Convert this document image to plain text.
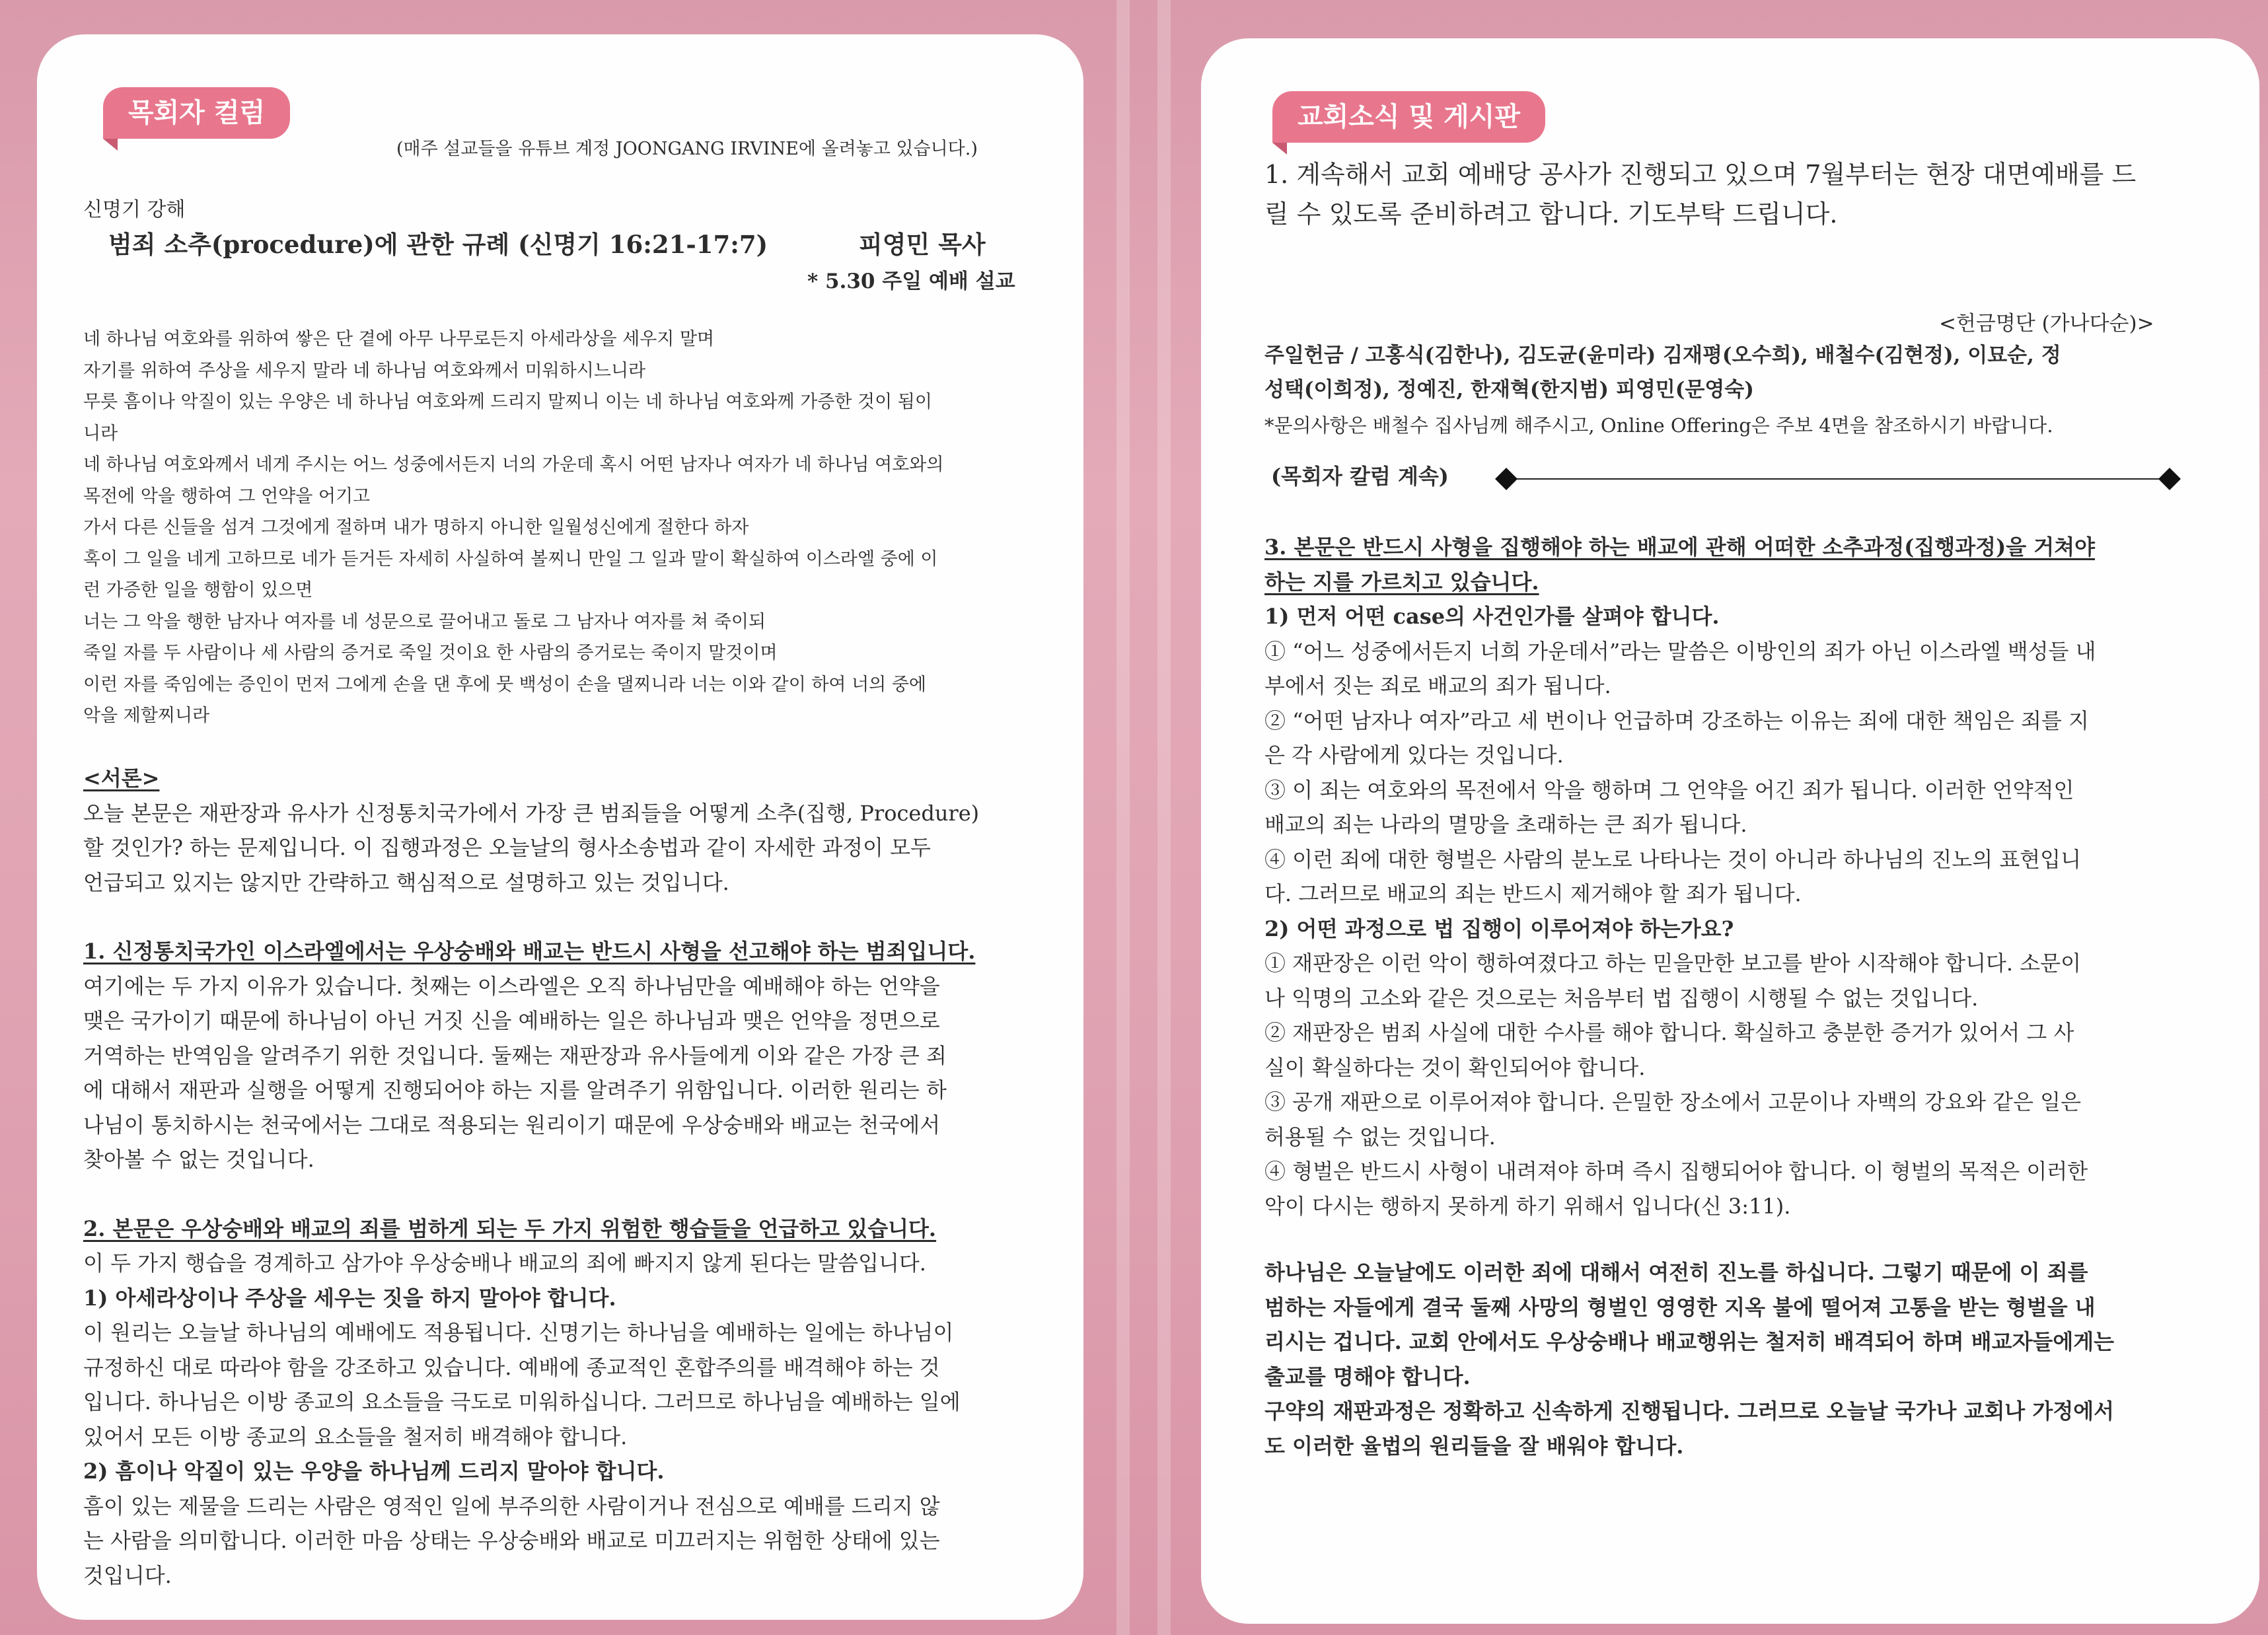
목회자 컬럼
(매주 설교들을 유튜브 계정 JOONGANG IRVINE에 올려놓고 있습니다.)
신명기 강해
범죄 소추(procedure)에 관한 규례 (신명기 16:21-17:7)	피영민 목사
* 5.30 주일 예배 설교

네 하나님 여호와를 위하여 쌓은 단 곁에 아무 나무로든지 아세라상을 세우지 말며

자기를 위하여 주상을 세우지 말라 네 하나님 여호와께서 미워하시느니라

무릇 흠이나 악질이 있는 우양은 네 하나님 여호와께 드리지 말찌니 이는 네 하나님 여호와께 가증한 것이 됨이

니라

네 하나님 여호와께서 네게 주시는 어느 성중에서든지 너의 가운데 혹시 어떤 남자나 여자가 네 하나님 여호와의

목전에 악을 행하여 그 언약을 어기고

가서 다른 신들을 섬겨 그것에게 절하며 내가 명하지 아니한 일월성신에게 절한다 하자

혹이 그 일을 네게 고하므로 네가 듣거든 자세히 사실하여 볼찌니 만일 그 일과 말이 확실하여 이스라엘 중에 이

런 가증한 일을 행함이 있으면

너는 그 악을 행한 남자나 여자를 네 성문으로 끌어내고 돌로 그 남자나 여자를 쳐 죽이되

죽일 자를 두 사람이나 세 사람의 증거로 죽일 것이요 한 사람의 증거로는 죽이지 말것이며

이런 자를 죽임에는 증인이 먼저 그에게 손을 댄 후에 뭇 백성이 손을 댈찌니라 너는 이와 같이 하여 너의 중에

악을 제할찌니라

<서론>

오늘 본문은 재판장과 유사가 신정통치국가에서 가장 큰 범죄들을 어떻게 소추(집행, Procedure)

할 것인가? 하는 문제입니다. 이 집행과정은 오늘날의 형사소송법과 같이 자세한 과정이 모두

언급되고 있지는 않지만 간략하고 핵심적으로 설명하고 있는 것입니다.

1. 신정통치국가인 이스라엘에서는 우상숭배와 배교는 반드시 사형을 선고해야 하는 범죄입니다.

여기에는 두 가지 이유가 있습니다. 첫째는 이스라엘은 오직 하나님만을 예배해야 하는 언약을

맺은 국가이기 때문에 하나님이 아닌 거짓 신을 예배하는 일은 하나님과 맺은 언약을 정면으로

거역하는 반역임을 알려주기 위한 것입니다. 둘째는 재판장과 유사들에게 이와 같은 가장 큰 죄

에 대해서 재판과 실행을 어떻게 진행되어야 하는 지를 알려주기 위함입니다. 이러한 원리는 하

나님이 통치하시는 천국에서는 그대로 적용되는 원리이기 때문에 우상숭배와 배교는 천국에서

찾아볼 수 없는 것입니다.

2. 본문은 우상숭배와 배교의 죄를 범하게 되는 두 가지 위험한 행습들을 언급하고 있습니다.

이 두 가지 행습을 경계하고 삼가야 우상숭배나 배교의 죄에 빠지지 않게 된다는 말씀입니다.

1) 아세라상이나 주상을 세우는 짓을 하지 말아야 합니다.

이 원리는 오늘날 하나님의 예배에도 적용됩니다. 신명기는 하나님을 예배하는 일에는 하나님이

규정하신 대로 따라야 함을 강조하고 있습니다. 예배에 종교적인 혼합주의를 배격해야 하는 것

입니다. 하나님은 이방 종교의 요소들을 극도로 미워하십니다. 그러므로 하나님을 예배하는 일에

있어서 모든 이방 종교의 요소들을 철저히 배격해야 합니다.

2) 흠이나 악질이 있는 우양을 하나님께 드리지 말아야 합니다.

흠이 있는 제물을 드리는 사람은 영적인 일에 부주의한 사람이거나 전심으로 예배를 드리지 않

는 사람을 의미합니다. 이러한 마음 상태는 우상숭배와 배교로 미끄러지는 위험한 상태에 있는

것입니다.

교회소식 및 게시판
1. 계속해서 교회 예배당 공사가 진행되고 있으며 7월부터는 현장 대면예배를 드
릴 수 있도록 준비하려고 합니다. 기도부탁 드립니다.
<헌금명단 (가나다순)>
주일헌금 / 고홍식(김한나), 김도균(윤미라) 김재평(오수희), 배철수(김현정), 이묘순, 정
성택(이희정), 정예진, 한재혁(한지범) 피영민(문영숙)
*문의사항은 배철수 집사님께 해주시고, Online Offering은 주보 4면을 참조하시기 바랍니다.
(목회자 칼럼 계속)

3. 본문은 반드시 사형을 집행해야 하는 배교에 관해 어떠한 소추과정(집행과정)을 거쳐야

하는 지를 가르치고 있습니다.

1) 먼저 어떤 case의 사건인가를 살펴야 합니다.

① “어느 성중에서든지 너희 가운데서”라는 말씀은 이방인의 죄가 아닌 이스라엘 백성들 내

부에서 짓는 죄로 배교의 죄가 됩니다.

② “어떤 남자나 여자”라고 세 번이나 언급하며 강조하는 이유는 죄에 대한 책임은 죄를 지

은 각 사람에게 있다는 것입니다.

③ 이 죄는 여호와의 목전에서 악을 행하며 그 언약을 어긴 죄가 됩니다. 이러한 언약적인

배교의 죄는 나라의 멸망을 초래하는 큰 죄가 됩니다.

④ 이런 죄에 대한 형벌은 사람의 분노로 나타나는 것이 아니라 하나님의 진노의 표현입니

다. 그러므로 배교의 죄는 반드시 제거해야 할 죄가 됩니다.

2) 어떤 과정으로 법 집행이 이루어져야 하는가요?

① 재판장은 이런 악이 행하여졌다고 하는 믿을만한 보고를 받아 시작해야 합니다. 소문이

나 익명의 고소와 같은 것으로는 처음부터 법 집행이 시행될 수 없는 것입니다.

② 재판장은 범죄 사실에 대한 수사를 해야 합니다. 확실하고 충분한 증거가 있어서 그 사

실이 확실하다는 것이 확인되어야 합니다.

③ 공개 재판으로 이루어져야 합니다. 은밀한 장소에서 고문이나 자백의 강요와 같은 일은

허용될 수 없는 것입니다.

④ 형벌은 반드시 사형이 내려져야 하며 즉시 집행되어야 합니다. 이 형벌의 목적은 이러한

악이 다시는 행하지 못하게 하기 위해서 입니다(신 3:11).

하나님은 오늘날에도 이러한 죄에 대해서 여전히 진노를 하십니다. 그렇기 때문에 이 죄를

범하는 자들에게 결국 둘째 사망의 형벌인 영영한 지옥 불에 떨어져 고통을 받는 형벌을 내

리시는 겁니다. 교회 안에서도 우상숭배나 배교행위는 철저히 배격되어 하며 배교자들에게는

출교를 명해야 합니다.

구약의 재판과정은 정확하고 신속하게 진행됩니다. 그러므로 오늘날 국가나 교회나 가정에서

도 이러한 율법의 원리들을 잘 배워야 합니다.
